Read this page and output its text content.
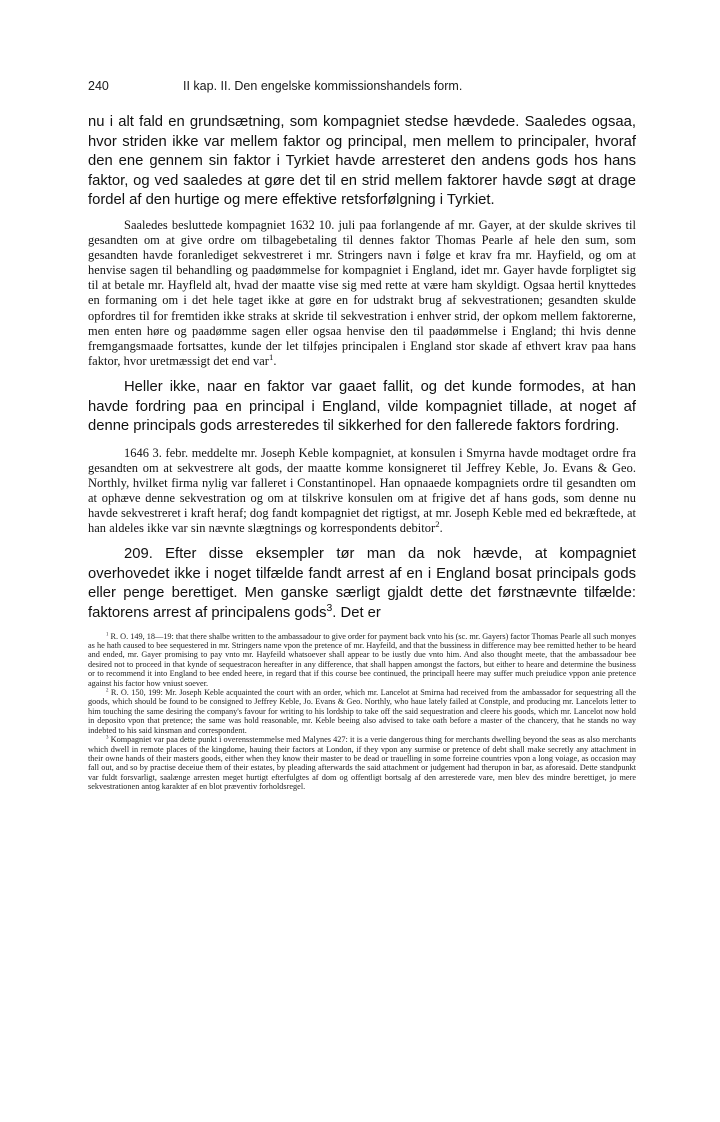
240	II kap. II. Den engelske kommissionshandels form.

nu i alt fald en grundsætning, som kompagniet stedse hævdede. Saaledes ogsaa, hvor striden ikke var mellem faktor og principal, men mellem to principaler, hvoraf den ene gennem sin faktor i Tyrkiet havde arresteret den andens gods hos hans faktor, og ved saaledes at gøre det til en strid mellem faktorer havde søgt at drage fordel af den hurtige og mere effektive retsforfølgning i Tyrkiet.

Saaledes besluttede kompagniet 1632 10. juli paa forlangende af mr. Gayer, at der skulde skrives til gesandten om at give ordre om tilbagebetaling til dennes faktor Thomas Pearle af hele den sum, som gesandten havde foranlediget sekvestreret i mr. Stringers navn i følge et krav fra mr. Hayfield, og om at henvise sagen til behandling og paadømmelse for kompagniet i England, idet mr. Gayer havde forpligtet sig til at betale mr. Hayfleld alt, hvad der maatte vise sig med rette at være ham skyldigt. Ogsaa hertil knyttedes en formaning om i det hele taget ikke at gøre en for udstrakt brug af sekvestrationen; gesandten skulde opfordres til for fremtiden ikke straks at skride til sekvestration i enhver strid, der opkom mellem faktorerne, men enten høre og paadømme sagen eller ogsaa henvise den til paadømmelse i England; thi hvis denne fremgangsmaade fortsattes, kunde der let tilføjes principalen i England stor skade af ethvert krav paa hans faktor, hvor uretmæssigt det end var$^1$.

Heller ikke, naar en faktor var gaaet fallit, og det kunde formodes, at han havde fordring paa en principal i England, vilde kompagniet tillade, at noget af denne principals gods arresteredes til sikkerhed for den fallerede faktors fordring.

1646 3. febr. meddelte mr. Joseph Keble kompagniet, at konsulen i Smyrna havde modtaget ordre fra gesandten om at sekvestrere alt gods, der maatte komme konsigneret til Jeffrey Keble, Jo. Evans & Geo. Northly, hvilket firma nylig var falleret i Constantinopel. Han opnaaede kompagniets ordre til gesandten om at ophæve denne sekvestration og om at tilskrive konsulen om at frigive det af hans gods, som denne nu havde sekvestreret i kraft heraf; dog fandt kompagniet det rigtigst, at mr. Joseph Keble med ed bekræftede, at han aldeles ikke var sin nævnte slægtnings og korrespondents debitor$^2$.

209. Efter disse eksempler tør man da nok hævde, at kompagniet overhovedet ikke i noget tilfælde fandt arrest af en i England bosat principals gods eller penge berettiget. Men ganske særligt gjaldt dette det førstnævnte tilfælde: faktorens arrest af principalens gods$^3$. Det er

$^1$ R. O. 149, 18—19: that there shalbe written to the ambassadour to give order for payment back vnto his (sc. mr. Gayers) factor Thomas Pearle all such monyes as he hath caused to bee sequestered in mr. Stringers name vpon the pretence of mr. Hayfeild, and that the bussiness in difference may bee remitted hether to be heard and ended, mr. Gayer promising to pay vnto mr. Hayfeild whatsoever shall appear to be iustly due vnto him. And also thought meete, that the ambassadour bee desired not to proceed in that kynde of sequestracon hereafter in any difference, that shall happen amongst the factors, but either to heare and determine the business or to recommend it into England to bee ended heere, in regard that if this course bee continued, the principall heere may suffer much preiudice vppon anie pretence against his factor how vniust soever.

$^2$ R. O. 150, 199: Mr. Joseph Keble acquainted the court with an order, which mr. Lancelot at Smirna had received from the ambassador for sequestring all the goods, which should be found to be consigned to Jeffrey Keble, Jo. Evans & Geo. Northly, who haue lately failed at Constple, and producing mr. Lancelots letter to him touching the same desiring the company's favour for writing to his lordship to take off the said sequestration and cleere his goods, which mr. Lancelot now hold in deposito vpon that pretence; the same was hold reasonable, mr. Keble beeing also advised to take oath before a master of the chancery, that he stands no way indebted to his said kinsman and correspondent.

$^3$ Kompagniet var paa dette punkt i overensstemmelse med Malynes 427: it is a verie dangerous thing for merchants dwelling beyond the seas as also merchants which dwell in remote places of the kingdome, hauing their factors at London, if they vpon any surmise or pretence of debt shall make secretly any attachment in their owne hands of their masters goods, either when they know their master to be dead or trauelling in some forreine countries vpon a long voiage, as occasion may fall out, and so by practise deceiue them of their estates, by pleading afterwards the said attachment or judgement had therupon in bar, as aforesaid. Dette standpunkt var fuldt forsvarligt, saalænge arresten meget hurtigt efterfulgtes af dom og offentligt bortsalg af den arresterede vare, men blev des mindre berettiget, jo mere sekvestrationen antog karakter af en blot præventiv forholdsregel.
